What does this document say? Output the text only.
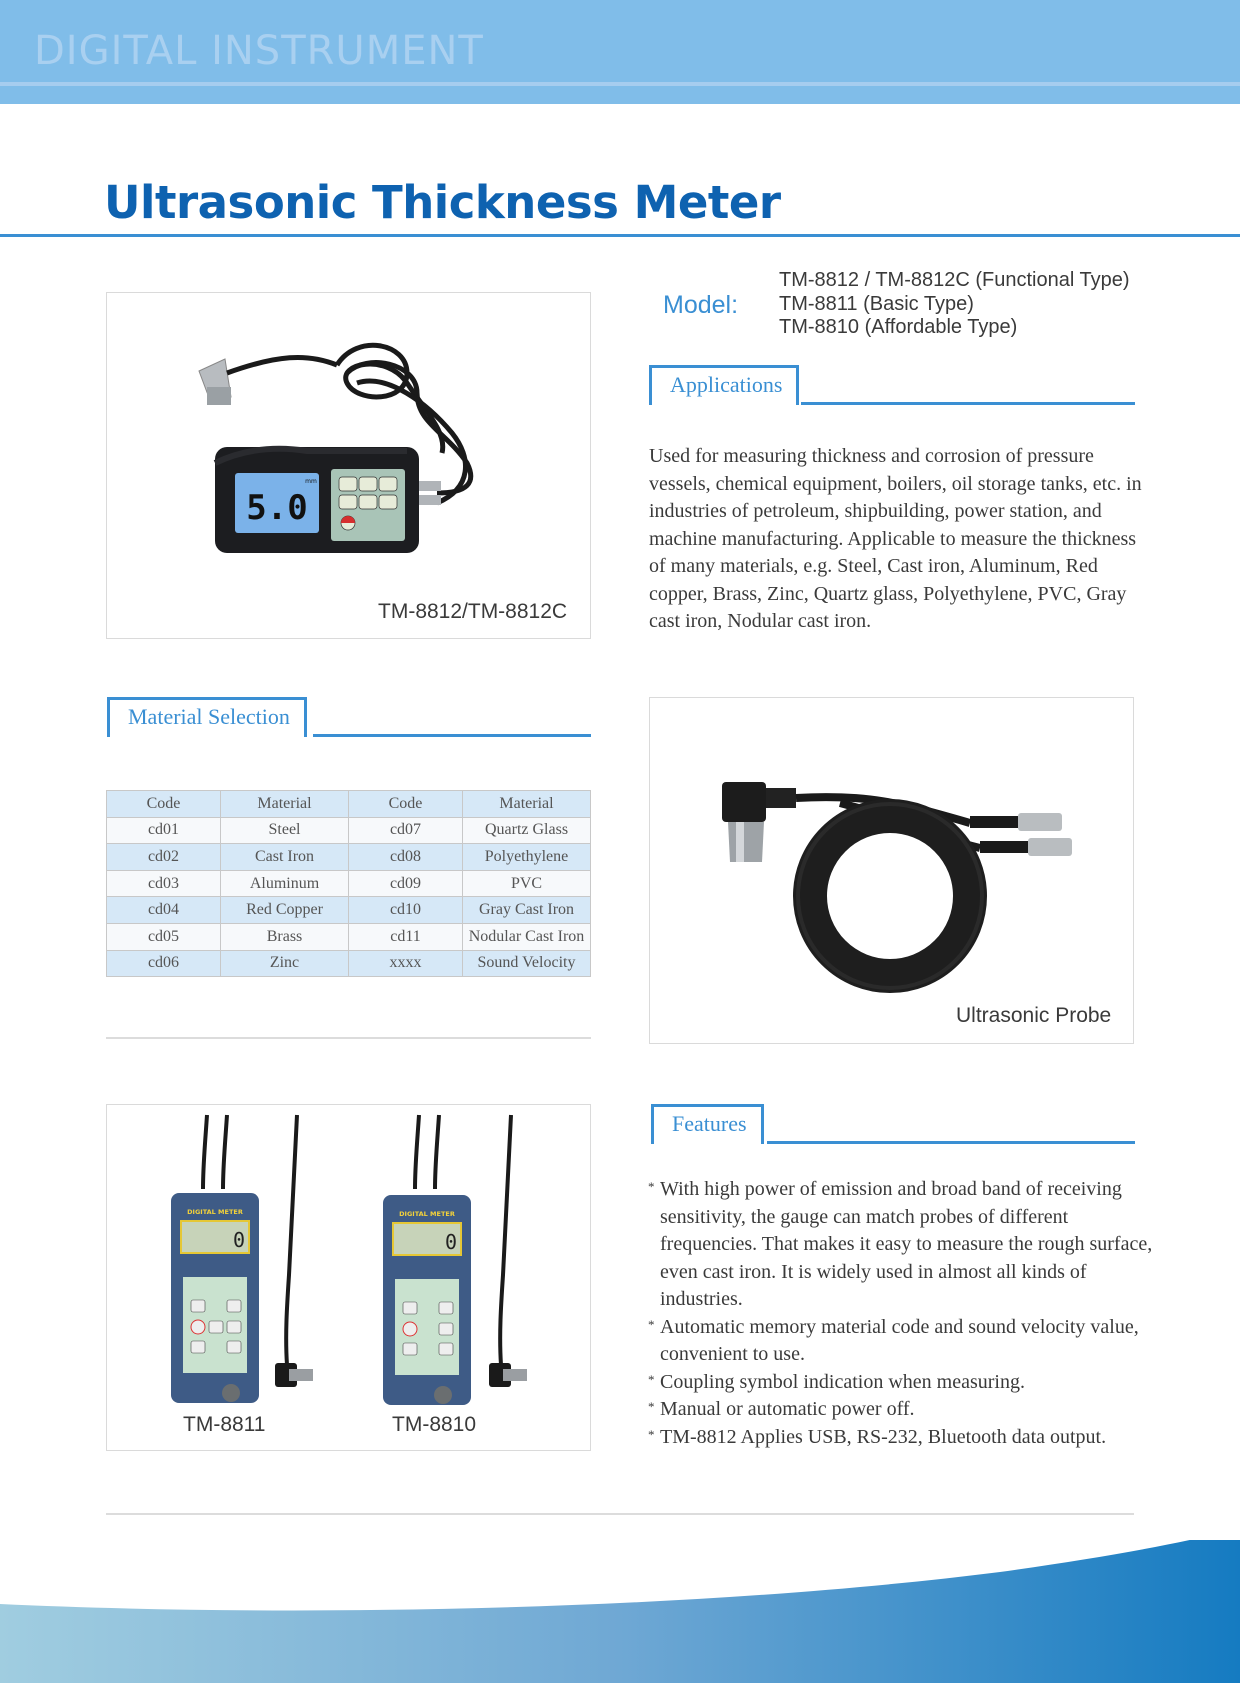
DIGITAL INSTRUMENT
Ultrasonic Thickness Meter
5.0
mm
TM-8812/TM-8812C
Model:
TM-8812 / TM-8812C (Functional Type)
TM-8811 (Basic Type)
TM-8810 (Affordable Type)
Applications

Used for measuring thickness and corrosion of pressure vessels, chemical equipment, boilers, oil storage tanks, etc. in industries of petroleum, shipbuilding, power station, and machine manufacturing. Applicable to measure the thickness of many materials, e.g. Steel, Cast iron, Aluminum, Red copper, Brass, Zinc, Quartz glass, Polyethylene, PVC, Gray cast iron, Nodular cast iron.

Material Selection
Code	Material	Code	Material
cd01	Steel	cd07	Quartz Glass
cd02	Cast Iron	cd08	Polyethylene
cd03	Aluminum	cd09	PVC
cd04	Red Copper	cd10	Gray Cast Iron
cd05	Brass	cd11	Nodular Cast Iron
cd06	Zinc	xxxx	Sound Velocity
Ultrasonic Probe
DIGITAL METER
0
DIGITAL METER
0
TM-8811	TM-8810
Features
* With high power of emission and broad band of receiving sensitivity, the gauge can match probes of different frequencies. That makes it easy to measure the rough surface, even cast iron. It is widely used in almost all kinds of industries.
* Automatic memory material code and sound velocity value, convenient to use.
* Coupling symbol indication when measuring.
* Manual or automatic power off.
* TM-8812 Applies USB, RS-232, Bluetooth data output.
